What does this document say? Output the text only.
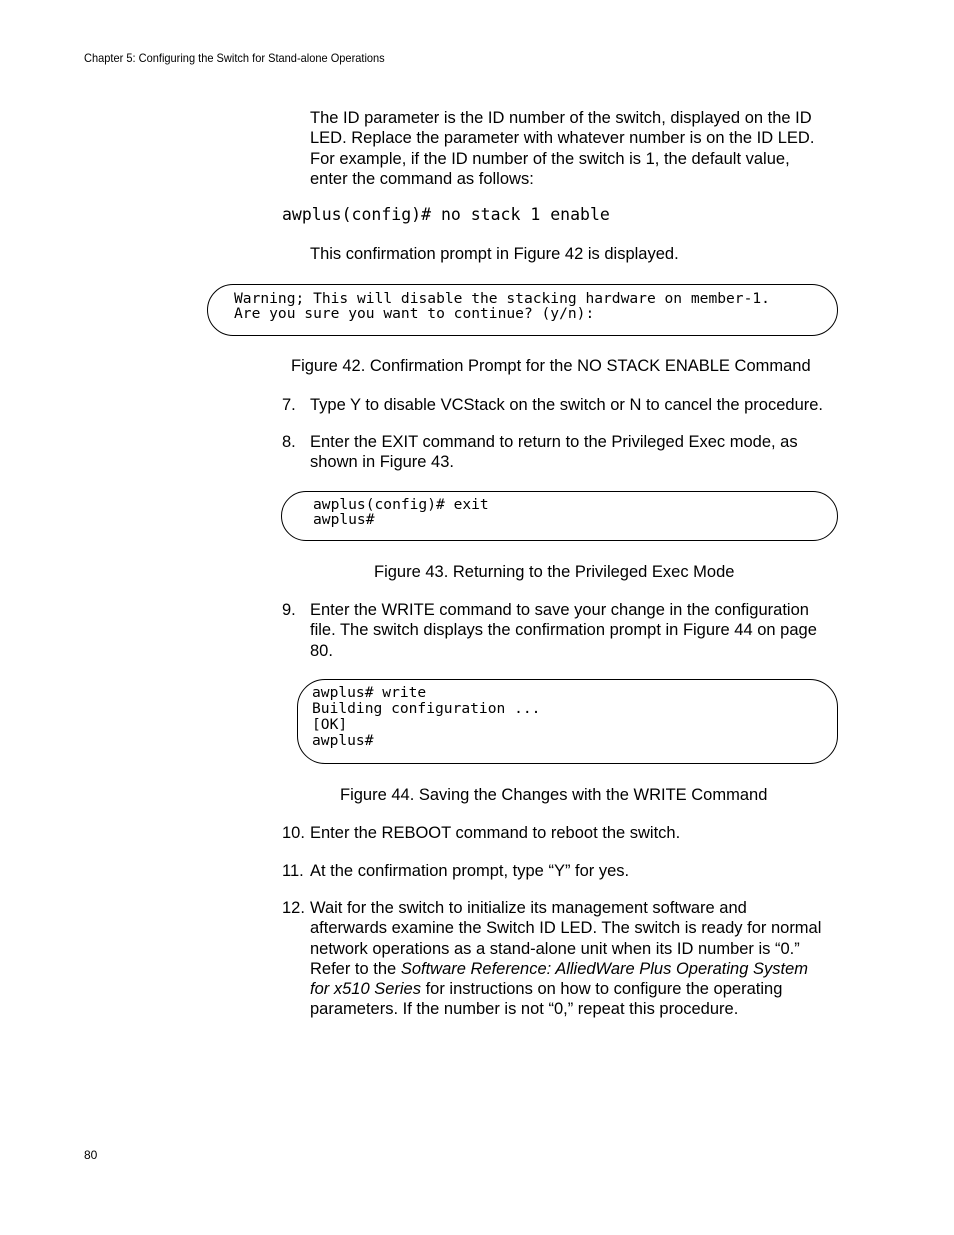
Chapter 5: Configuring the Switch for Stand-alone Operations

The ID parameter is the ID number of the switch, displayed on the ID

LED. Replace the parameter with whatever number is on the ID LED.

For example, if the ID number of the switch is 1, the default value,

enter the command as follows:

awplus(config)# no stack 1 enable
This confirmation prompt in Figure 42 is displayed.
Warning; This will disable the stacking hardware on member-1.
Are you sure you want to continue? (y/n):
Figure 42. Confirmation Prompt for the NO STACK ENABLE Command
7. Type Y to disable VCStack on the switch or N to cancel the procedure.

8. Enter the EXIT command to return to the Privileged Exec mode, as

shown in Figure 43.

awplus(config)# exit
awplus#
Figure 43. Returning to the Privileged Exec Mode
9. Enter the WRITE command to save your change in the configuration

file. The switch displays the confirmation prompt in Figure 44 on page

80.

awplus# write
Building configuration ...
[OK]
awplus#
Figure 44. Saving the Changes with the WRITE Command
10. Enter the REBOOT command to reboot the switch.

11. At the confirmation prompt, type “Y” for yes.

12. Wait for the switch to initialize its management software and

afterwards examine the Switch ID LED. The switch is ready for normal

network operations as a stand-alone unit when its ID number is “0.”

Refer to the Software Reference: AlliedWare Plus Operating System

for x510 Series for instructions on how to configure the operating

parameters. If the number is not “0,” repeat this procedure.

80
